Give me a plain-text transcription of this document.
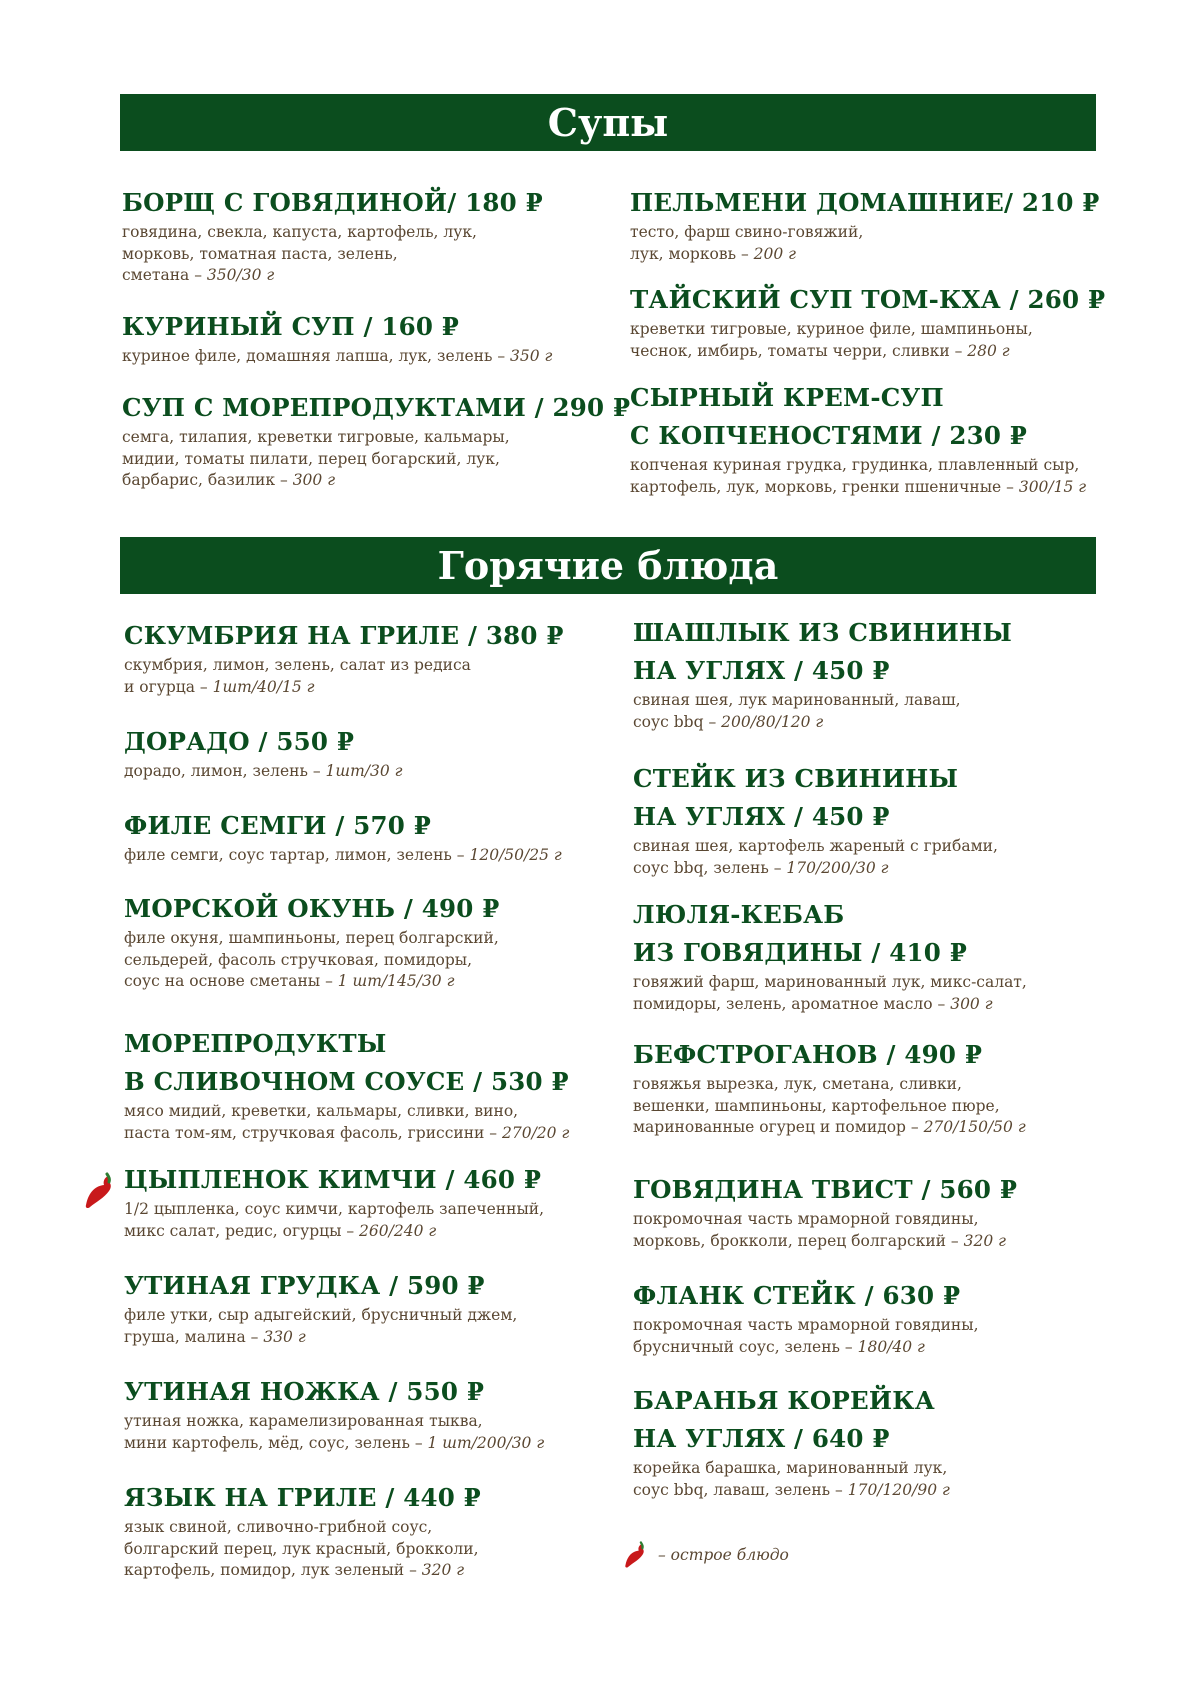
Супы
Горячие блюда
БОРЩ С ГОВЯДИНОЙ/ 180 ₽
говядина, свекла, капуста, картофель, лук,
морковь, томатная паста, зелень,
сметана – 350/30 г
КУРИНЫЙ СУП / 160 ₽
куриное филе, домашняя лапша, лук, зелень – 350 г
СУП С МОРЕПРОДУКТАМИ / 290 ₽
семга, тилапия, креветки тигровые, кальмары,
мидии, томаты пилати, перец богарский, лук,
барбарис, базилик – 300 г
ПЕЛЬМЕНИ ДОМАШНИЕ/ 210 ₽
тесто, фарш свино-говяжий,
лук, морковь – 200 г
ТАЙСКИЙ СУП ТОМ-КХА / 260 ₽
креветки тигровые, куриное филе, шампиньоны,
чеснок, имбирь, томаты черри, сливки – 280 г
СЫРНЫЙ КРЕМ-СУП
С КОПЧЕНОСТЯМИ / 230 ₽
копченая куриная грудка, грудинка, плавленный сыр,
картофель, лук, морковь, гренки пшеничные – 300/15 г
СКУМБРИЯ НА ГРИЛЕ / 380 ₽
скумбрия, лимон, зелень, салат из редиса
и огурца – 1шт/40/15 г
ДОРАДО / 550 ₽
дорадо, лимон, зелень – 1шт/30 г
ФИЛЕ СЕМГИ / 570 ₽
филе семги, соус тартар, лимон, зелень – 120/50/25 г
МОРСКОЙ ОКУНЬ / 490 ₽
филе окуня, шампиньоны, перец болгарский,
сельдерей, фасоль стручковая, помидоры,
соус на основе сметаны – 1 шт/145/30 г
МОРЕПРОДУКТЫ
В СЛИВОЧНОМ СОУСЕ / 530 ₽
мясо мидий, креветки, кальмары, сливки, вино,
паста том-ям, стручковая фасоль, гриссини – 270/20 г
ЦЫПЛЕНОК КИМЧИ / 460 ₽
1/2 цыпленка, соус кимчи, картофель запеченный,
микс салат, редис, огурцы – 260/240 г
УТИНАЯ ГРУДКА / 590 ₽
филе утки, сыр адыгейский, брусничный джем,
груша, малина – 330 г
УТИНАЯ НОЖКА / 550 ₽
утиная ножка, карамелизированная тыква,
мини картофель, мёд, соус, зелень – 1 шт/200/30 г
ЯЗЫК НА ГРИЛЕ / 440 ₽
язык свиной, сливочно-грибной соус,
болгарский перец, лук красный, брокколи,
картофель, помидор, лук зеленый – 320 г
ШАШЛЫК ИЗ СВИНИНЫ
НА УГЛЯХ / 450 ₽
свиная шея, лук маринованный, лаваш,
соус bbq – 200/80/120 г
СТЕЙК ИЗ СВИНИНЫ
НА УГЛЯХ / 450 ₽
свиная шея, картофель жареный с грибами,
соус bbq, зелень – 170/200/30 г
ЛЮЛЯ-КЕБАБ
ИЗ ГОВЯДИНЫ / 410 ₽
говяжий фарш, маринованный лук, микс-салат,
помидоры, зелень, ароматное масло – 300 г
БЕФСТРОГАНОВ / 490 ₽
говяжья вырезка, лук, сметана, сливки,
вешенки, шампиньоны, картофельное пюре,
маринованные огурец и помидор – 270/150/50 г
ГОВЯДИНА ТВИСТ / 560 ₽
покромочная часть мраморной говядины,
морковь, брокколи, перец болгарский – 320 г
ФЛАНК СТЕЙК / 630 ₽
покромочная часть мраморной говядины,
брусничный соус, зелень – 180/40 г
БАРАНЬЯ КОРЕЙКА
НА УГЛЯХ / 640 ₽
корейка барашка, маринованный лук,
соус bbq, лаваш, зелень – 170/120/90 г
– острое блюдо
